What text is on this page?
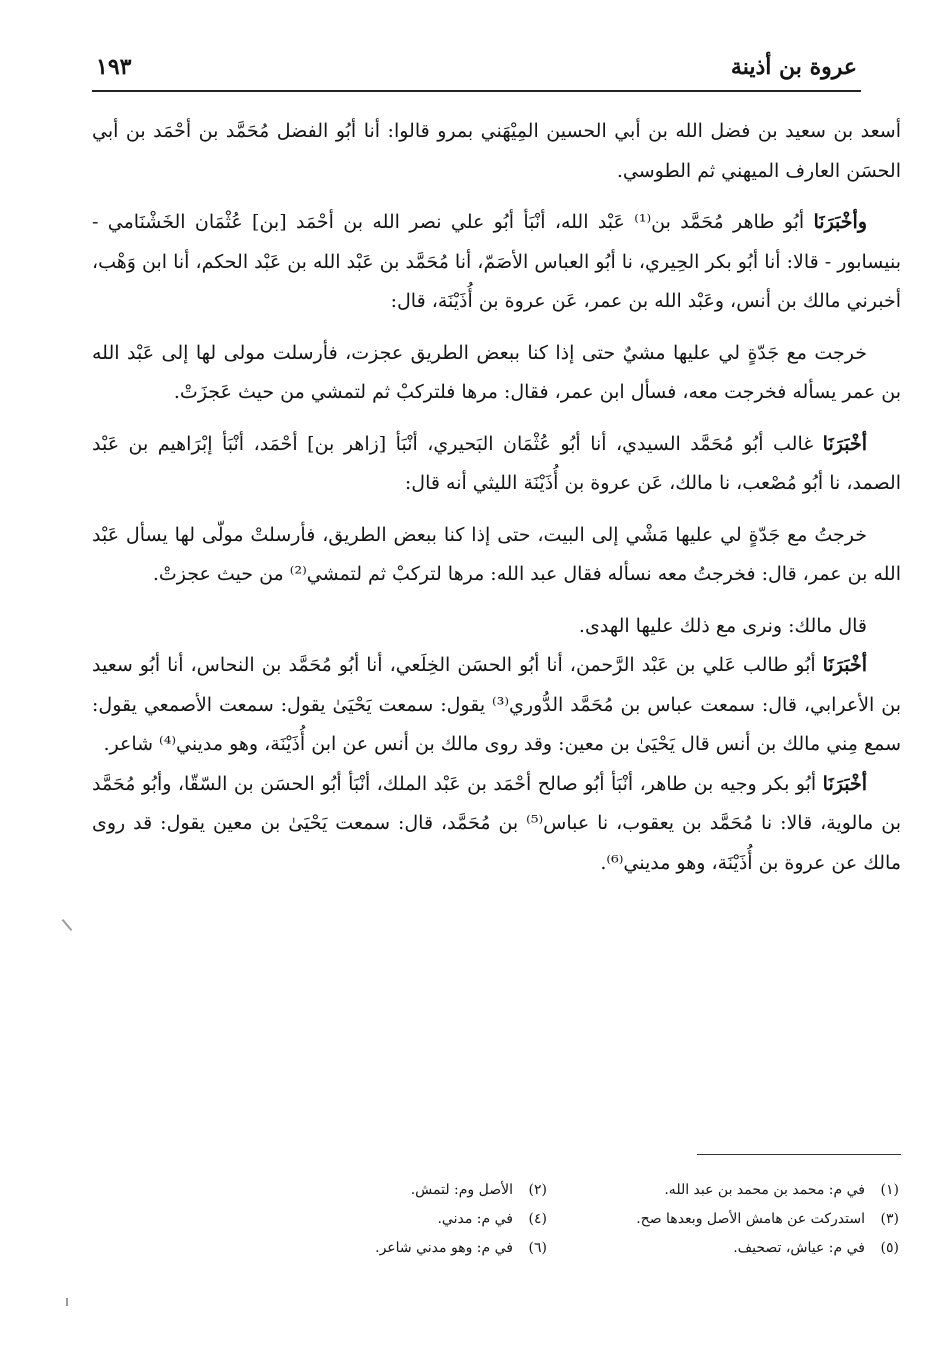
عروة بن أذينة
١٩٣

أسعد بن سعيد بن فضل الله بن أبي الحسين المِيْهَني بمرو قالوا: أنا أبُو الفضل مُحَمَّد بن أحْمَد بن أبي الحسَن العارف الميهني ثم الطوسي.

وأخْبَرَنَا أبُو طاهر مُحَمَّد بن⁽¹⁾ عَبْد الله، أنْبَأ أبُو علي نصر الله بن أحْمَد [بن] عُثْمَان الخَشْنَامي - بنيسابور - قالا: أنا أبُو بكر الحِيري، نا أبُو العباس الأصَمّ، أنا مُحَمَّد بن عَبْد الله بن عَبْد الحكم، أنا ابن وَهْب، أخبرني مالك بن أنس، وعَبْد الله بن عمر، عَن عروة بن أُذَيْنَة، قال:

خرجت مع جَدّةٍ لي عليها مشيٌ حتى إذا كنا ببعض الطريق عجزت، فأرسلت مولى لها إلى عَبْد الله بن عمر يسأله فخرجت معه، فسأل ابن عمر، فقال: مرها فلتركبْ ثم لتمشي من حيث عَجزَتْ.

أخْبَرَنَا غالب أبُو مُحَمَّد السيدي، أنا أبُو عُثْمَان البَحيري، أنْبَأ [زاهر بن] أحْمَد، أنْبَأ إبْرَاهيم بن عَبْد الصمد، نا أبُو مُصْعب، نا مالك، عَن عروة بن أُذَيْنَة الليثي أنه قال:

خرجتُ مع جَدّةٍ لي عليها مَشْي إلى البيت، حتى إذا كنا ببعض الطريق، فأرسلتْ مولّى لها يسأل عَبْد الله بن عمر، قال: فخرجتُ معه نسأله فقال عبد الله: مرها لتركبْ ثم لتمشي⁽²⁾ من حيث عجزتْ.

قال مالك: ونرى مع ذلك عليها الهدى.

أخْبَرَنَا أبُو طالب عَلي بن عَبْد الرَّحمن، أنا أبُو الحسَن الخِلَعي، أنا أبُو مُحَمَّد بن النحاس، أنا أبُو سعيد بن الأعرابي، قال: سمعت عباس بن مُحَمَّد الدُّوري⁽³⁾ يقول: سمعت يَحْيَىٰ يقول: سمعت الأصمعي يقول: سمع مِني مالك بن أنس قال يَحْيَىٰ بن معين: وقد روى مالك بن أنس عن ابن أُذَيْنَة، وهو مديني⁽⁴⁾ شاعر.

أخْبَرَنَا أبُو بكر وجيه بن طاهر، أنْبَأ أبُو صالح أحْمَد بن عَبْد الملك، أنْبَأ أبُو الحسَن بن السّقّا، وأبُو مُحَمَّد بن مالوية، قالا: نا مُحَمَّد بن يعقوب، نا عباس⁽⁵⁾ بن مُحَمَّد، قال: سمعت يَحْيَىٰ بن معين يقول: قد روى مالك عن عروة بن أُذَيْنَة، وهو مديني⁽⁶⁾.

(١)في م: محمد بن محمد بن عبد الله.
(٣)استدركت عن هامش الأصل وبعدها صح.
(٥)في م: عياش، تصحيف.
(٢)الأصل وم: لتمش.
(٤)في م: مدني.
(٦)في م: وهو مدني شاعر.
